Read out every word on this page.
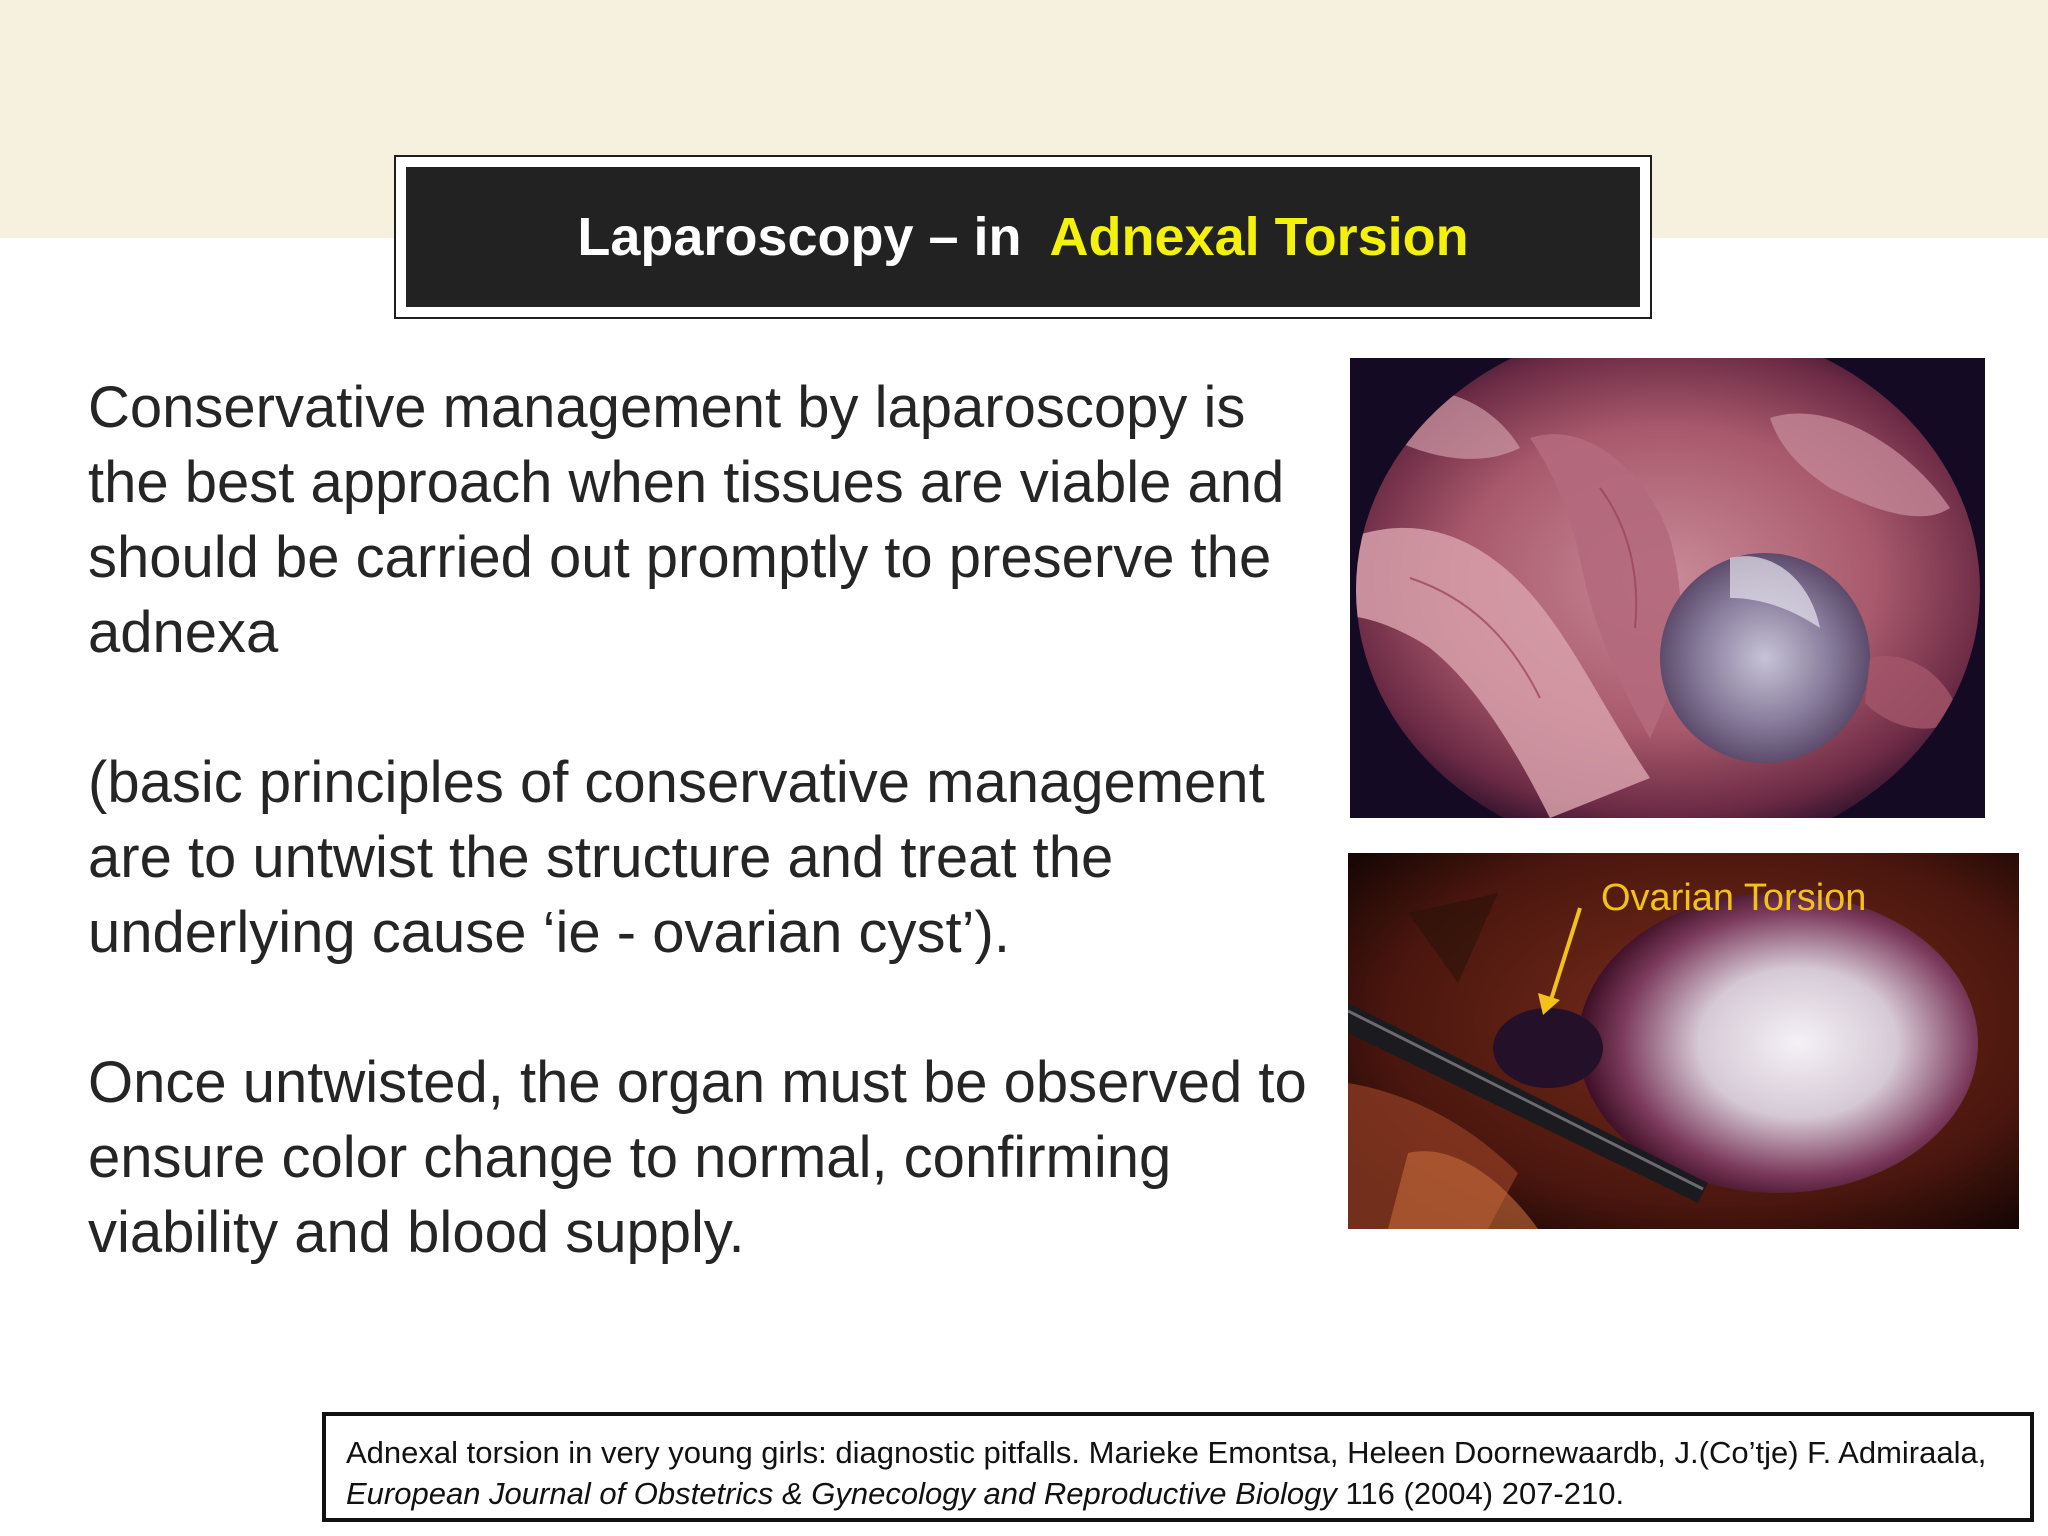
Laparoscopy – in  Adnexal Torsion

Conservative management by laparoscopy is the best approach when tissues are viable and should be carried out promptly to preserve the adnexa

(basic principles of conservative management are to untwist the structure and treat the underlying cause ‘ie - ovarian cyst’).

Once untwisted, the organ must be observed to ensure color change to normal, confirming viability and blood supply.

Ovarian Torsion
Adnexal torsion in very young girls: diagnostic pitfalls. Marieke Emontsa, Heleen Doornewaardb, J.(Co’tje) F. Admiraala, European Journal of Obstetrics & Gynecology and Reproductive Biology 116 (2004) 207-210.
